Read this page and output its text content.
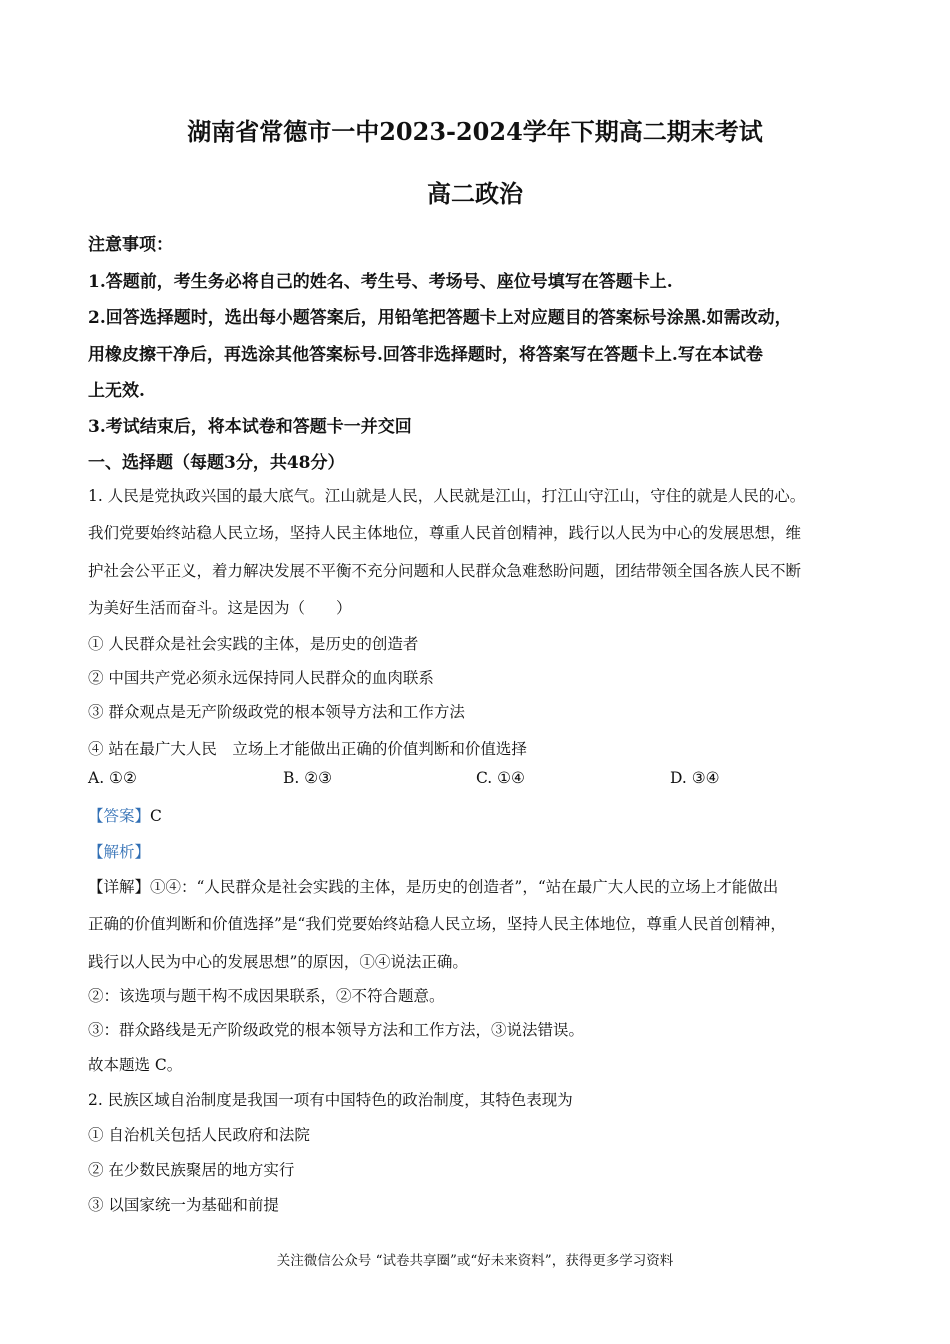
湖南省常德市一中2023-2024学年下期高二期末考试
高二政治
注意事项：
1.答题前，考生务必将自己的姓名、考生号、考场号、座位号填写在答题卡上.
2.回答选择题时，选出每小题答案后，用铅笔把答题卡上对应题目的答案标号涂黑.如需改动，
用橡皮擦干净后，再选涂其他答案标号.回答非选择题时，将答案写在答题卡上.写在本试卷
上无效.
3.考试结束后，将本试卷和答题卡一并交回
一、选择题（每题3分，共48分）
1. 人民是党执政兴国的最大底气。江山就是人民，人民就是江山，打江山守江山，守住的就是人民的心。
我们党要始终站稳人民立场，坚持人民主体地位，尊重人民首创精神，践行以人民为中心的发展思想，维
护社会公平正义，着力解决发展不平衡不充分问题和人民群众急难愁盼问题，团结带领全国各族人民不断
为美好生活而奋斗。这是因为（　　）
① 人民群众是社会实践的主体，是历史的创造者
② 中国共产党必须永远保持同人民群众的血肉联系
③ 群众观点是无产阶级政党的根本领导方法和工作方法
④ 站在最广大人民　立场上才能做出正确的价值判断和价值选择
A. ①②	B. ②③	C. ①④	D. ③④
【答案】C
【解析】
【详解】①④：“人民群众是社会实践的主体，是历史的创造者”，“站在最广大人民的立场上才能做出
正确的价值判断和价值选择”是“我们党要始终站稳人民立场，坚持人民主体地位，尊重人民首创精神，
践行以人民为中心的发展思想”的原因，①④说法正确。
②：该选项与题干构不成因果联系，②不符合题意。
③：群众路线是无产阶级政党的根本领导方法和工作方法，③说法错误。
故本题选 C。
2. 民族区域自治制度是我国一项有中国特色的政治制度，其特色表现为
① 自治机关包括人民政府和法院
② 在少数民族聚居的地方实行
③ 以国家统一为基础和前提
关注微信公众号 “试卷共享圈”或“好未来资料”，获得更多学习资料
